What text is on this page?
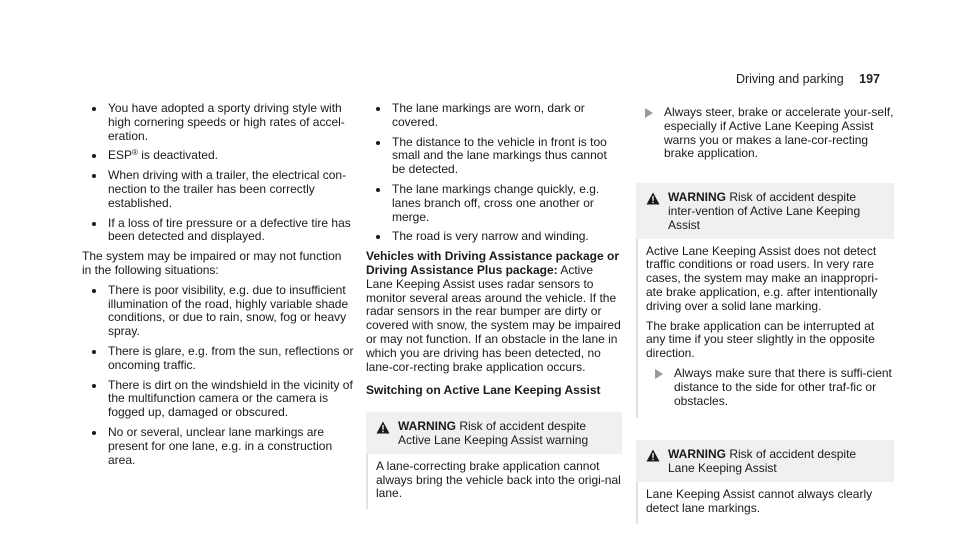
Driving and parking 197
You have adopted a sporty driving style with high cornering speeds or high rates of accel-eration.
ESP® is deactivated.
When driving with a trailer, the electrical con-nection to the trailer has been correctly established.
If a loss of tire pressure or a defective tire has been detected and displayed.

The system may be impaired or may not function in the following situations:

There is poor visibility, e.g. due to insufficient illumination of the road, highly variable shade conditions, or due to rain, snow, fog or heavy spray.
There is glare, e.g. from the sun, reflections or oncoming traffic.
There is dirt on the windshield in the vicinity of the multifunction camera or the camera is fogged up, damaged or obscured.
No or several, unclear lane markings are present for one lane, e.g. in a construction area.
The lane markings are worn, dark or covered.
The distance to the vehicle in front is too small and the lane markings thus cannot be detected.
The lane markings change quickly, e.g. lanes branch off, cross one another or merge.
The road is very narrow and winding.

Vehicles with Driving Assistance package or Driving Assistance Plus package: Active Lane Keeping Assist uses radar sensors to monitor several areas around the vehicle. If the radar sensors in the rear bumper are dirty or covered with snow, the system may be impaired or may not function. If an obstacle in the lane in which you are driving has been detected, no lane-cor-recting brake application occurs.

Switching on Active Lane Keeping Assist
WARNING Risk of accident despite Active Lane Keeping Assist warning

A lane-correcting brake application cannot always bring the vehicle back into the origi-nal lane.

Always steer, brake or accelerate your-self, especially if Active Lane Keeping Assist warns you or makes a lane-cor-recting brake application.
WARNING Risk of accident despite inter-vention of Active Lane Keeping Assist

Active Lane Keeping Assist does not detect traffic conditions or road users. In very rare cases, the system may make an inappropri-ate brake application, e.g. after intentionally driving over a solid lane marking.

The brake application can be interrupted at any time if you steer slightly in the opposite direction.

Always make sure that there is suffi-cient distance to the side for other traf-fic or obstacles.
WARNING Risk of accident despite Lane Keeping Assist

Lane Keeping Assist cannot always clearly detect lane markings.
